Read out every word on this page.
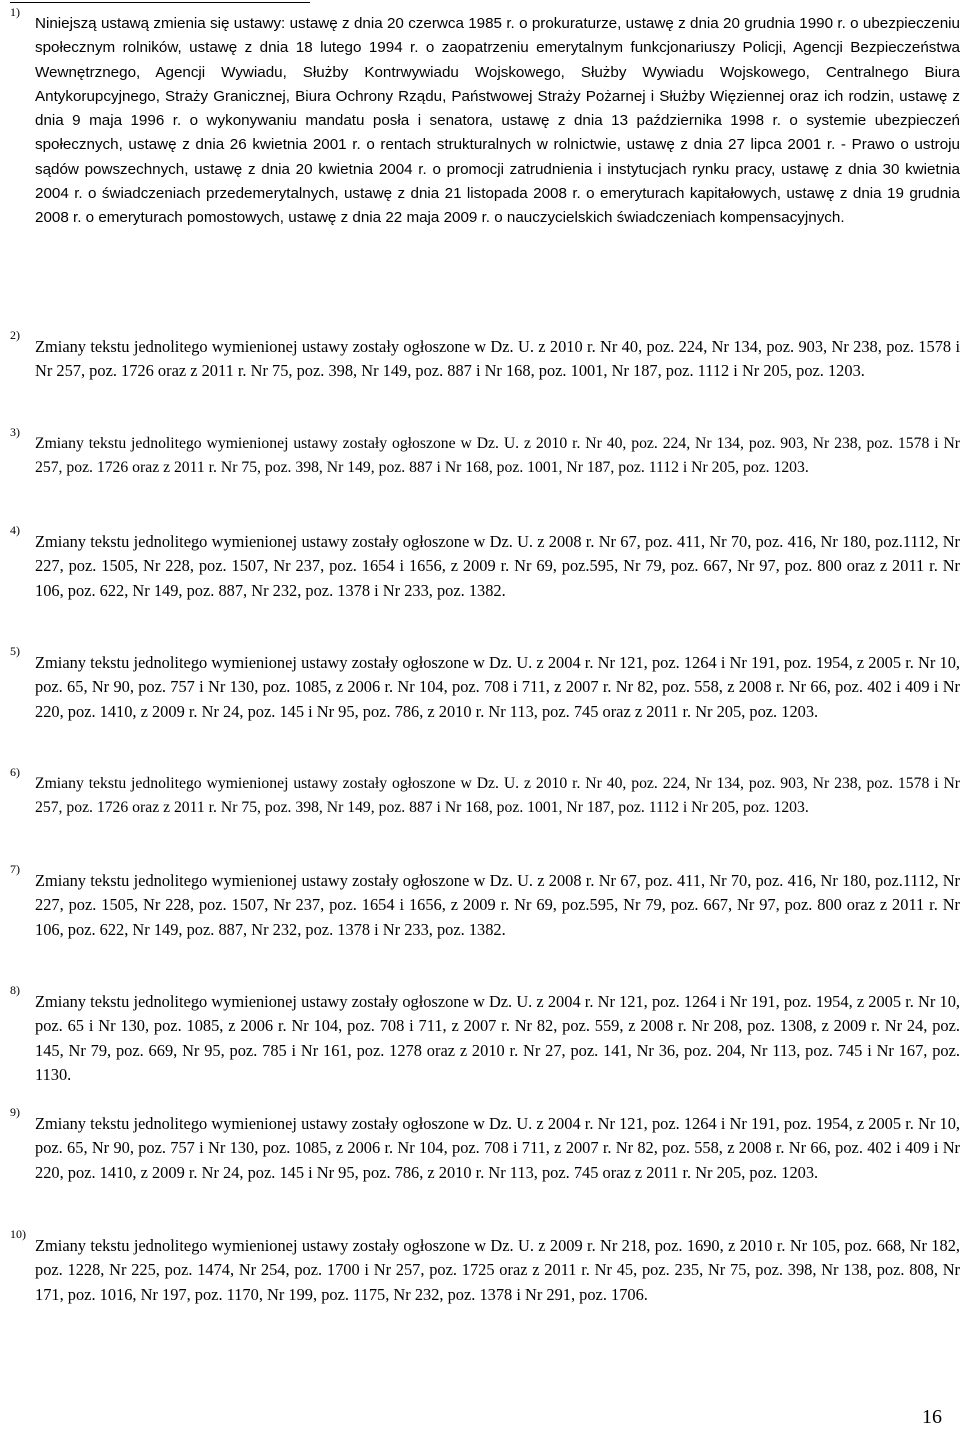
1)

Niniejszą ustawą zmienia się ustawy: ustawę z dnia 20 czerwca 1985 r. o prokuraturze, ustawę z dnia 20 grudnia 1990 r. o ubezpieczeniu społecznym rolników, ustawę z dnia 18 lutego 1994 r. o zaopatrzeniu emerytalnym funkcjonariuszy Policji, Agencji Bezpieczeństwa Wewnętrznego, Agencji Wywiadu, Służby Kontrwywiadu Wojskowego, Służby Wywiadu Wojskowego, Centralnego Biura Antykorupcyjnego, Straży Granicznej, Biura Ochrony Rządu, Państwowej Straży Pożarnej i Służby Więziennej oraz ich rodzin, ustawę z dnia 9 maja 1996 r. o wykonywaniu mandatu posła i senatora, ustawę z dnia 13 października 1998 r. o systemie ubezpieczeń społecznych, ustawę z dnia 26 kwietnia 2001 r. o rentach strukturalnych w rolnictwie, ustawę z dnia 27 lipca 2001 r. - Prawo o ustroju sądów powszechnych, ustawę z dnia 20 kwietnia 2004 r. o promocji zatrudnienia i instytucjach rynku pracy, ustawę z dnia 30 kwietnia 2004 r. o świadczeniach przedemerytalnych, ustawę z dnia 21 listopada 2008 r. o emeryturach kapitałowych, ustawę z dnia 19 grudnia 2008 r. o emeryturach pomostowych, ustawę z dnia 22 maja 2009 r. o nauczycielskich świadczeniach kompensacyjnych.

2)

Zmiany tekstu jednolitego wymienionej ustawy zostały ogłoszone w Dz. U. z 2010 r. Nr 40, poz. 224, Nr 134, poz. 903, Nr 238, poz. 1578 i Nr 257, poz. 1726 oraz z 2011 r. Nr 75, poz. 398, Nr 149, poz. 887 i Nr 168, poz. 1001, Nr 187, poz. 1112 i Nr 205, poz. 1203.

3)

Zmiany tekstu jednolitego wymienionej ustawy zostały ogłoszone w Dz. U. z 2010 r. Nr 40, poz. 224, Nr 134, poz. 903, Nr 238, poz. 1578 i Nr 257, poz. 1726 oraz z 2011 r. Nr 75, poz. 398, Nr 149, poz. 887 i Nr 168, poz. 1001, Nr 187, poz. 1112 i Nr 205, poz. 1203.

4)

Zmiany tekstu jednolitego wymienionej ustawy zostały ogłoszone w Dz. U. z 2008 r. Nr 67, poz. 411, Nr 70, poz. 416, Nr 180, poz.1112, Nr 227, poz. 1505, Nr 228, poz. 1507, Nr 237, poz. 1654 i 1656, z 2009 r. Nr 69, poz.595, Nr 79, poz. 667, Nr 97, poz. 800 oraz z 2011 r. Nr 106, poz. 622, Nr 149, poz. 887, Nr 232, poz. 1378 i Nr 233, poz. 1382.

5)

Zmiany tekstu jednolitego wymienionej ustawy zostały ogłoszone w Dz. U. z 2004 r. Nr 121, poz. 1264 i Nr 191, poz. 1954, z 2005 r. Nr 10, poz. 65, Nr 90, poz. 757 i Nr 130, poz. 1085, z 2006 r. Nr 104, poz. 708 i 711, z 2007 r. Nr 82, poz. 558, z 2008 r. Nr 66, poz. 402 i 409 i Nr 220, poz. 1410, z 2009 r. Nr 24, poz. 145 i Nr 95, poz. 786, z 2010 r. Nr 113, poz. 745 oraz z 2011 r. Nr 205, poz. 1203.

6)

Zmiany tekstu jednolitego wymienionej ustawy zostały ogłoszone w Dz. U. z 2010 r. Nr 40, poz. 224, Nr 134, poz. 903, Nr 238, poz. 1578 i Nr 257, poz. 1726 oraz z 2011 r. Nr 75, poz. 398, Nr 149, poz. 887 i Nr 168, poz. 1001, Nr 187, poz. 1112 i Nr 205, poz. 1203.

7)

Zmiany tekstu jednolitego wymienionej ustawy zostały ogłoszone w Dz. U. z 2008 r. Nr 67, poz. 411, Nr 70, poz. 416, Nr 180, poz.1112, Nr 227, poz. 1505, Nr 228, poz. 1507, Nr 237, poz. 1654 i 1656, z 2009 r. Nr 69, poz.595, Nr 79, poz. 667, Nr 97, poz. 800 oraz z 2011 r. Nr 106, poz. 622, Nr 149, poz. 887, Nr 232, poz. 1378 i Nr 233, poz. 1382.

8)

Zmiany tekstu jednolitego wymienionej ustawy zostały ogłoszone w Dz. U. z 2004 r. Nr 121, poz. 1264 i Nr 191, poz. 1954, z 2005 r. Nr 10, poz. 65 i Nr 130, poz. 1085, z 2006 r. Nr 104, poz. 708 i 711, z 2007 r. Nr 82, poz. 559, z 2008 r. Nr 208, poz. 1308, z 2009 r. Nr 24, poz. 145, Nr 79, poz. 669, Nr 95, poz. 785 i Nr 161, poz. 1278 oraz z 2010 r. Nr 27, poz. 141, Nr 36, poz. 204, Nr 113, poz. 745 i Nr 167, poz. 1130.

9)

Zmiany tekstu jednolitego wymienionej ustawy zostały ogłoszone w Dz. U. z 2004 r. Nr 121, poz. 1264 i Nr 191, poz. 1954, z 2005 r. Nr 10, poz. 65, Nr 90, poz. 757 i Nr 130, poz. 1085, z 2006 r. Nr 104, poz. 708 i 711, z 2007 r. Nr 82, poz. 558, z 2008 r. Nr 66, poz. 402 i 409 i Nr 220, poz. 1410, z 2009 r. Nr 24, poz. 145 i Nr 95, poz. 786, z 2010 r. Nr 113, poz. 745 oraz z 2011 r. Nr 205, poz. 1203.

10)

Zmiany tekstu jednolitego wymienionej ustawy zostały ogłoszone w Dz. U. z 2009 r. Nr 218, poz. 1690, z 2010 r. Nr 105, poz. 668, Nr 182, poz. 1228, Nr 225, poz. 1474, Nr 254, poz. 1700 i Nr 257, poz. 1725 oraz z 2011 r. Nr 45, poz. 235, Nr 75, poz. 398, Nr 138, poz. 808, Nr 171, poz. 1016, Nr 197, poz. 1170, Nr 199, poz. 1175, Nr 232, poz. 1378 i Nr 291, poz. 1706.

16
